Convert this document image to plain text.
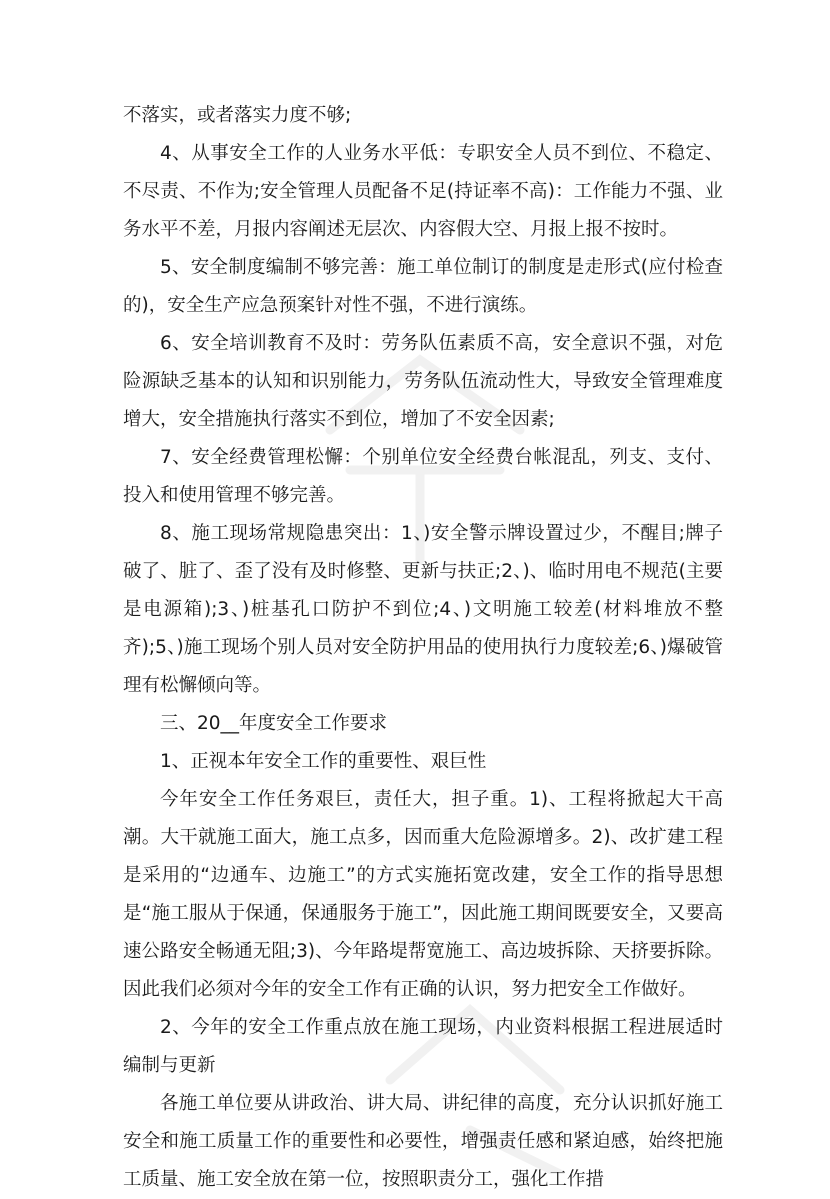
不落实，或者落实力度不够;

4、从事安全工作的人业务水平低：专职安全人员不到位、不稳定、不尽责、不作为;安全管理人员配备不足(持证率不高)：工作能力不强、业务水平不差，月报内容阐述无层次、内容假大空、月报上报不按时。

5、安全制度编制不够完善：施工单位制订的制度是走形式(应付检查的)，安全生产应急预案针对性不强，不进行演练。

6、安全培训教育不及时：劳务队伍素质不高，安全意识不强，对危险源缺乏基本的认知和识别能力，劳务队伍流动性大，导致安全管理难度增大，安全措施执行落实不到位，增加了不安全因素;

7、安全经费管理松懈：个别单位安全经费台帐混乱，列支、支付、投入和使用管理不够完善。

8、施工现场常规隐患突出：1、)安全警示牌设置过少，不醒目;牌子破了、脏了、歪了没有及时修整、更新与扶正;2、)、临时用电不规范(主要是电源箱);3、)桩基孔口防护不到位;4、)文明施工较差(材料堆放不整齐);5、)施工现场个别人员对安全防护用品的使用执行力度较差;6、)爆破管理有松懈倾向等。

三、20__年度安全工作要求

1、正视本年安全工作的重要性、艰巨性

今年安全工作任务艰巨，责任大，担子重。1)、工程将掀起大干高潮。大干就施工面大，施工点多，因而重大危险源增多。2)、改扩建工程是采用的“边通车、边施工”的方式实施拓宽改建，安全工作的指导思想是“施工服从于保通，保通服务于施工”，因此施工期间既要安全，又要高速公路安全畅通无阻;3)、今年路堤帮宽施工、高边坡拆除、天挤要拆除。因此我们必须对今年的安全工作有正确的认识，努力把安全工作做好。

2、今年的安全工作重点放在施工现场，内业资料根据工程进展适时编制与更新

各施工单位要从讲政治、讲大局、讲纪律的高度，充分认识抓好施工安全和施工质量工作的重要性和必要性，增强责任感和紧迫感，始终把施工质量、施工安全放在第一位，按照职责分工，强化工作措
